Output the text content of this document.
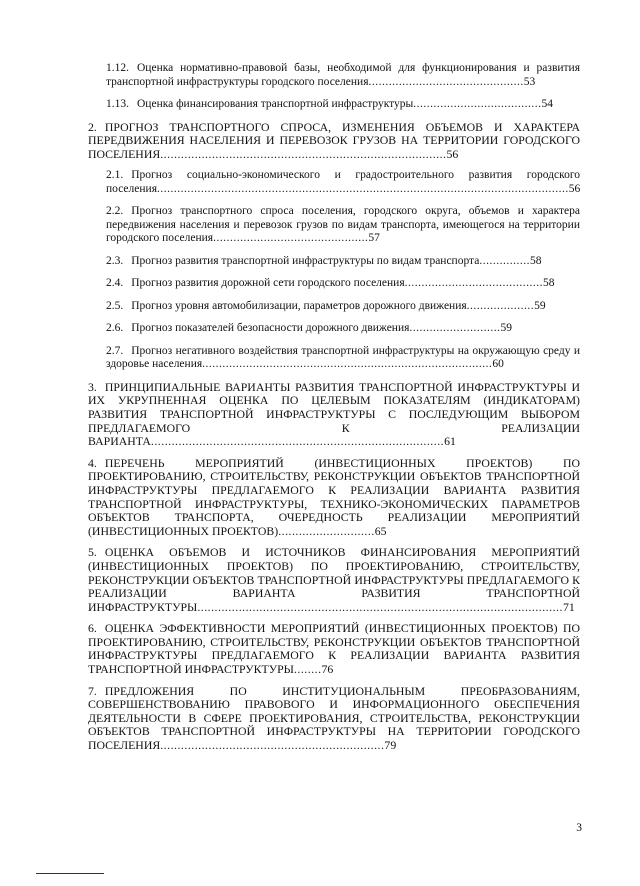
1.12. Оценка нормативно-правовой базы, необходимой для функционирования и развития транспортной инфраструктуры городского поселения..............................................53
1.13. Оценка финансирования транспортной инфраструктуры......................................54
2. ПРОГНОЗ ТРАНСПОРТНОГО СПРОСА, ИЗМЕНЕНИЯ ОБЪЕМОВ И ХАРАКТЕРА ПЕРЕДВИЖЕНИЯ НАСЕЛЕНИЯ И ПЕРЕВОЗОК ГРУЗОВ НА ТЕРРИТОРИИ ГОРОДСКОГО ПОСЕЛЕНИЯ...................................................................................56
2.1. Прогноз социально-экономического и градостроительного развития городского поселения..........................................................................................................................56
2.2. Прогноз транспортного спроса поселения, городского округа, объемов и характера передвижения населения и перевозок грузов по видам транспорта, имеющегося на территории городского поселения..............................................57
2.3. Прогноз развития транспортной инфраструктуры по видам транспорта...............58
2.4. Прогноз развития дорожной сети городского поселения.........................................58
2.5. Прогноз уровня автомобилизации, параметров дорожного движения....................59
2.6. Прогноз показателей безопасности дорожного движения...........................59
2.7. Прогноз негативного воздействия транспортной инфраструктуры на окружающую среду и здоровье населения......................................................................................60
3. ПРИНЦИПИАЛЬНЫЕ ВАРИАНТЫ РАЗВИТИЯ ТРАНСПОРТНОЙ ИНФРАСТРУКТУРЫ И ИХ УКРУПНЕННАЯ ОЦЕНКА ПО ЦЕЛЕВЫМ ПОКАЗАТЕЛЯМ (ИНДИКАТОРАМ) РАЗВИТИЯ ТРАНСПОРТНОЙ ИНФРАСТРУКТУРЫ С ПОСЛЕДУЮЩИМ ВЫБОРОМ ПРЕДЛАГАЕМОГО К РЕАЛИЗАЦИИ ВАРИАНТА.....................................................................................61
4. ПЕРЕЧЕНЬ МЕРОПРИЯТИЙ (ИНВЕСТИЦИОННЫХ ПРОЕКТОВ) ПО ПРОЕКТИРОВАНИЮ, СТРОИТЕЛЬСТВУ, РЕКОНСТРУКЦИИ ОБЪЕКТОВ ТРАНСПОРТНОЙ ИНФРАСТРУКТУРЫ ПРЕДЛАГАЕМОГО К РЕАЛИЗАЦИИ ВАРИАНТА РАЗВИТИЯ ТРАНСПОРТНОЙ ИНФРАСТРУКТУРЫ, ТЕХНИКО-ЭКОНОМИЧЕСКИХ ПАРАМЕТРОВ ОБЪЕКТОВ ТРАНСПОРТА, ОЧЕРЕДНОСТЬ РЕАЛИЗАЦИИ МЕРОПРИЯТИЙ (ИНВЕСТИЦИОННЫХ ПРОЕКТОВ)............................65
5. ОЦЕНКА ОБЪЕМОВ И ИСТОЧНИКОВ ФИНАНСИРОВАНИЯ МЕРОПРИЯТИЙ (ИНВЕСТИЦИОННЫХ ПРОЕКТОВ) ПО ПРОЕКТИРОВАНИЮ, СТРОИТЕЛЬСТВУ, РЕКОНСТРУКЦИИ ОБЪЕКТОВ ТРАНСПОРТНОЙ ИНФРАСТРУКТУРЫ ПРЕДЛАГАЕМОГО К РЕАЛИЗАЦИИ ВАРИАНТА РАЗВИТИЯ ТРАНСПОРТНОЙ ИНФРАСТРУКТУРЫ..........................................................................................................71
6. ОЦЕНКА ЭФФЕКТИВНОСТИ МЕРОПРИЯТИЙ (ИНВЕСТИЦИОННЫХ ПРОЕКТОВ) ПО ПРОЕКТИРОВАНИЮ, СТРОИТЕЛЬСТВУ, РЕКОНСТРУКЦИИ ОБЪЕКТОВ ТРАНСПОРТНОЙ ИНФРАСТРУКТУРЫ ПРЕДЛАГАЕМОГО К РЕАЛИЗАЦИИ ВАРИАНТА РАЗВИТИЯ ТРАНСПОРТНОЙ ИНФРАСТРУКТУРЫ........76
7. ПРЕДЛОЖЕНИЯ ПО ИНСТИТУЦИОНАЛЬНЫМ ПРЕОБРАЗОВАНИЯМ, СОВЕРШЕНСТВОВАНИЮ ПРАВОВОГО И ИНФОРМАЦИОННОГО ОБЕСПЕЧЕНИЯ ДЕЯТЕЛЬНОСТИ В СФЕРЕ ПРОЕКТИРОВАНИЯ, СТРОИТЕЛЬСТВА, РЕКОНСТРУКЦИИ ОБЪЕКТОВ ТРАНСПОРТНОЙ ИНФРАСТРУКТУРЫ НА ТЕРРИТОРИИ ГОРОДСКОГО ПОСЕЛЕНИЯ.................................................................79
3
